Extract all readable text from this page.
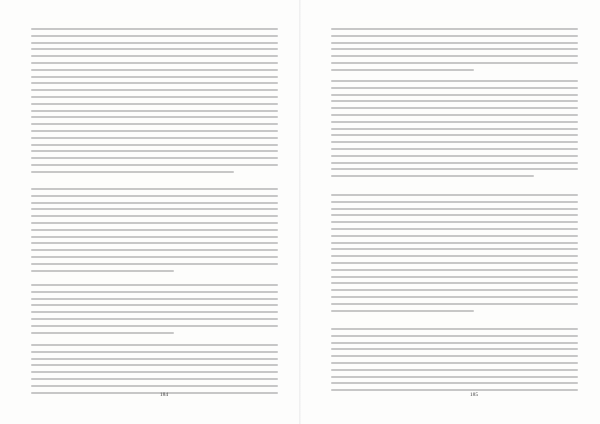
184	185
